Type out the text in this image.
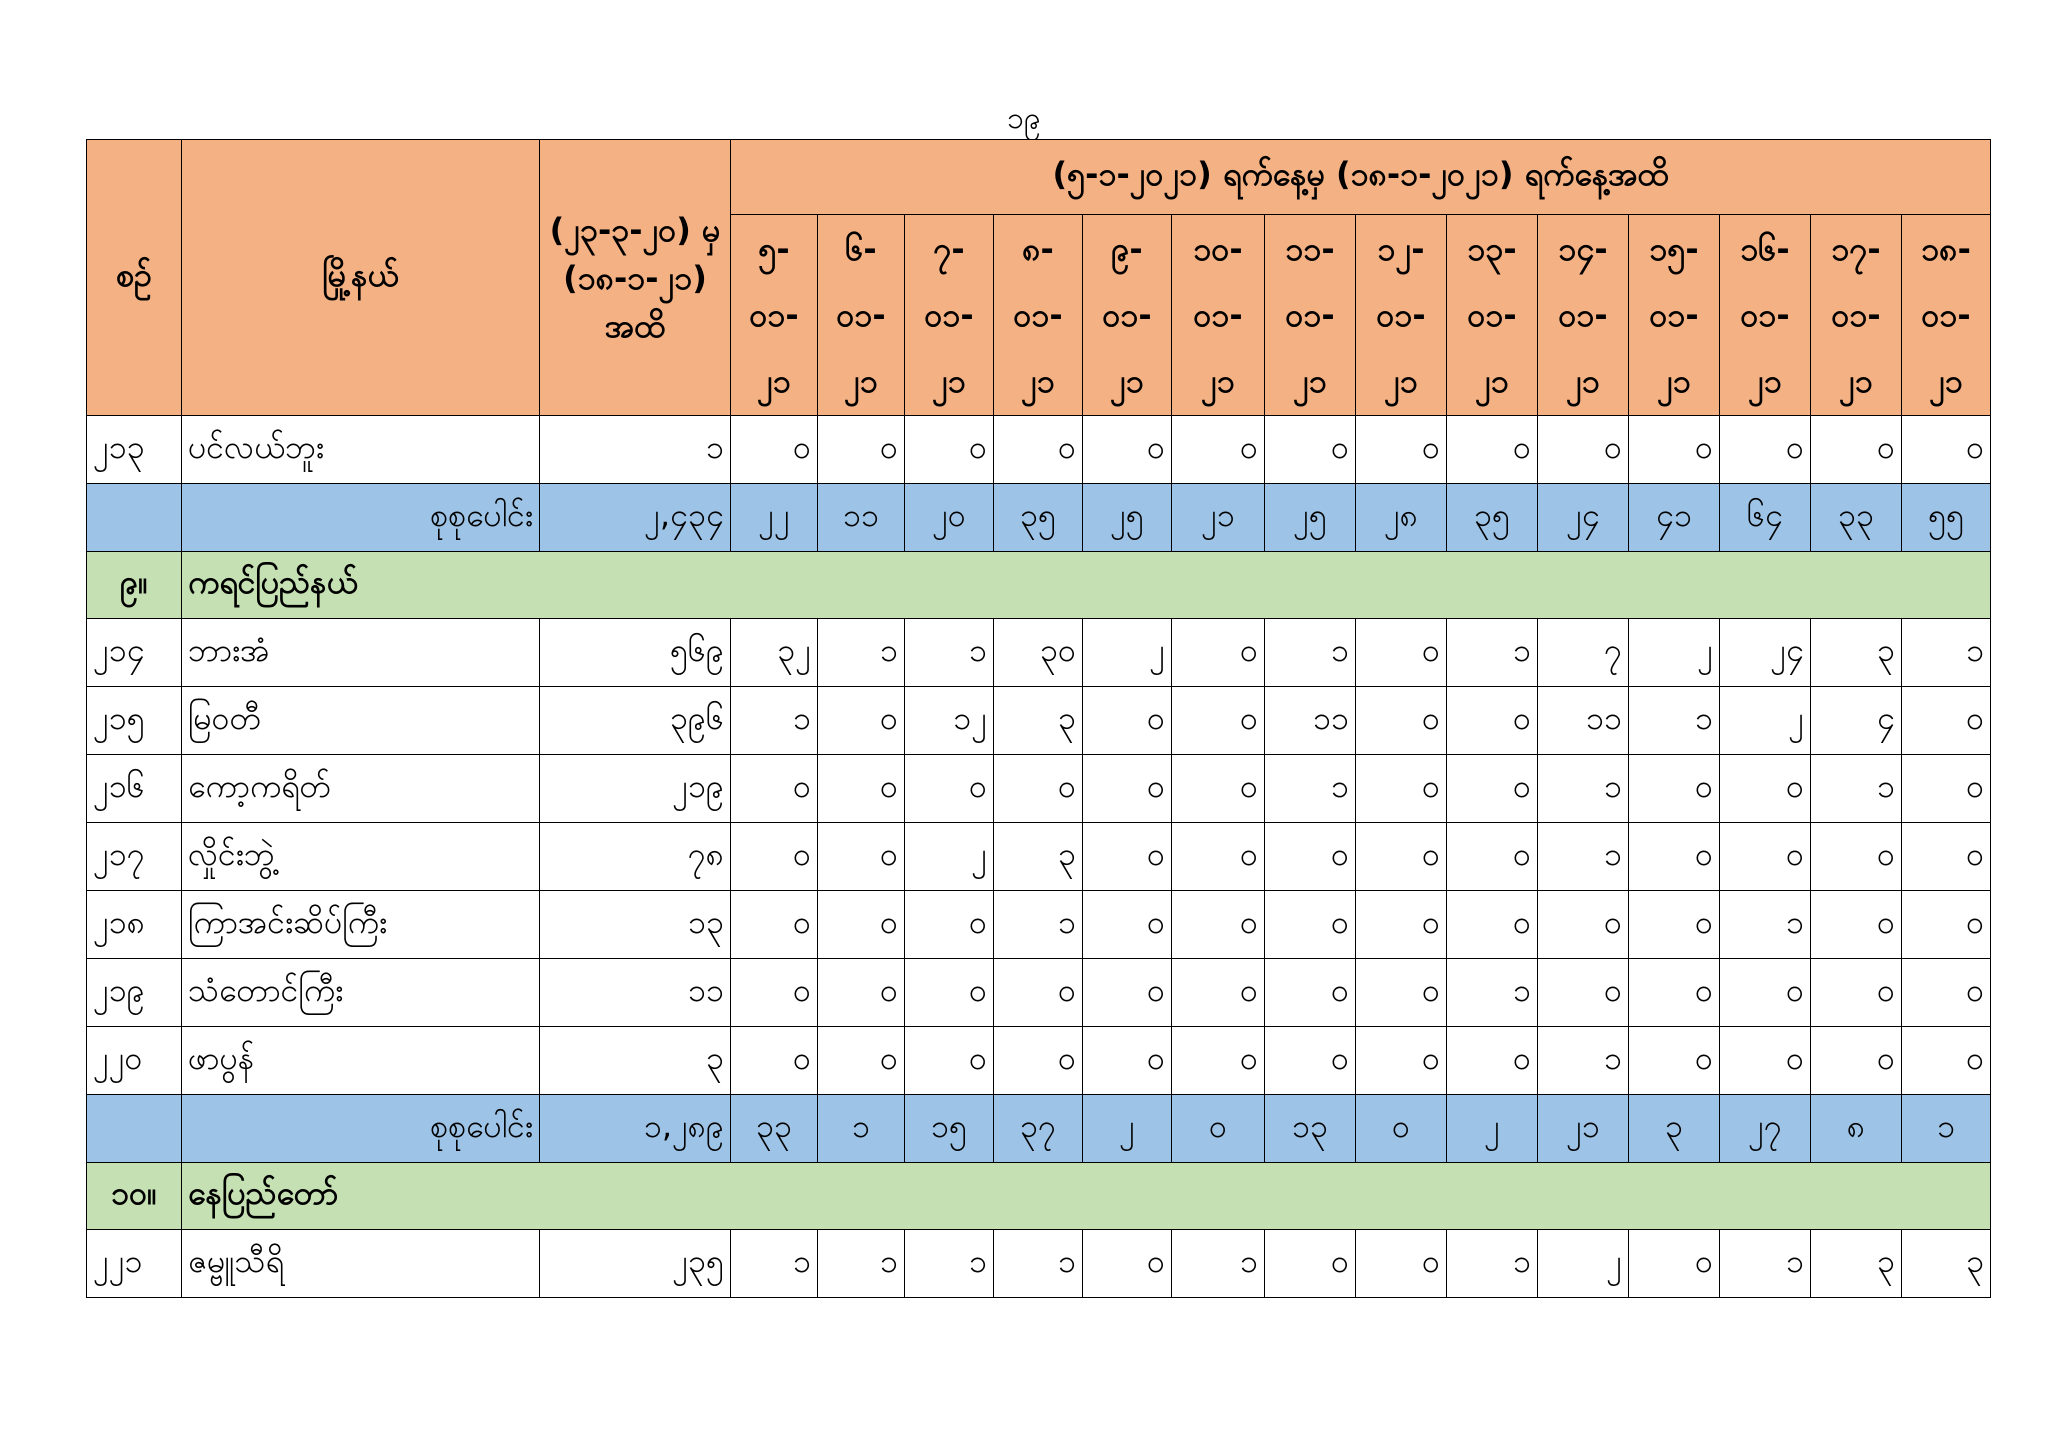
၁၉
စဉ်	မြို့နယ်	(၂၃-၃-၂၀) မှ (၁၈-၁-၂၁) အထိ	(၅-၁-၂၀၂၁) ရက်နေ့မှ (၁၈-၁-၂၀၂၁) ရက်နေ့အထိ													
			၅- ၀၁- ၂၁	၆- ၀၁- ၂၁	၇- ၀၁- ၂၁	၈- ၀၁- ၂၁	၉- ၀၁- ၂၁	၁၀- ၀၁- ၂၁	၁၁- ၀၁- ၂၁	၁၂- ၀၁- ၂၁	၁၃- ၀၁- ၂၁	၁၄- ၀၁- ၂၁	၁၅- ၀၁- ၂၁	၁၆- ၀၁- ၂၁	၁၇- ၀၁- ၂၁	၁၈- ၀၁- ၂၁
၂၁၃	ပင်လယ်ဘူး	၁	၀	၀	၀	၀	၀	၀	၀	၀	၀	၀	၀	၀	၀	၀
	စုစုပေါင်း	၂,၄၃၄	၂၂	၁၁	၂၀	၃၅	၂၅	၂၁	၂၅	၂၈	၃၅	၂၄	၄၁	၆၄	၃၃	၅၅
၉။	ကရင်ပြည်နယ်															
၂၁၄	ဘားအံ	၅၆၉	၃၂	၁	၁	၃၀	၂	၀	၁	၀	၁	၇	၂	၂၄	၃	၁
၂၁၅	မြဝတီ	၃၉၆	၁	၀	၁၂	၃	၀	၀	၁၁	၀	၀	၁၁	၁	၂	၄	၀
၂၁၆	ကော့ကရိတ်	၂၁၉	၀	၀	၀	၀	၀	၀	၁	၀	၀	၁	၀	၀	၁	၀
၂၁၇	လှိုင်းဘွဲ့	၇၈	၀	၀	၂	၃	၀	၀	၀	၀	၀	၁	၀	၀	၀	၀
၂၁၈	ကြာအင်းဆိပ်ကြီး	၁၃	၀	၀	၀	၁	၀	၀	၀	၀	၀	၀	၀	၁	၀	၀
၂၁၉	သံတောင်ကြီး	၁၁	၀	၀	၀	၀	၀	၀	၀	၀	၁	၀	၀	၀	၀	၀
၂၂၀	ဖာပွန်	၃	၀	၀	၀	၀	၀	၀	၀	၀	၀	၁	၀	၀	၀	၀
	စုစုပေါင်း	၁,၂၈၉	၃၃	၁	၁၅	၃၇	၂	၀	၁၃	၀	၂	၂၁	၃	၂၇	၈	၁
၁၀။	နေပြည်တော်															
၂၂၁	ဇမ္ဗူသီရိ	၂၃၅	၁	၁	၁	၁	၀	၁	၀	၀	၁	၂	၀	၁	၃	၃
